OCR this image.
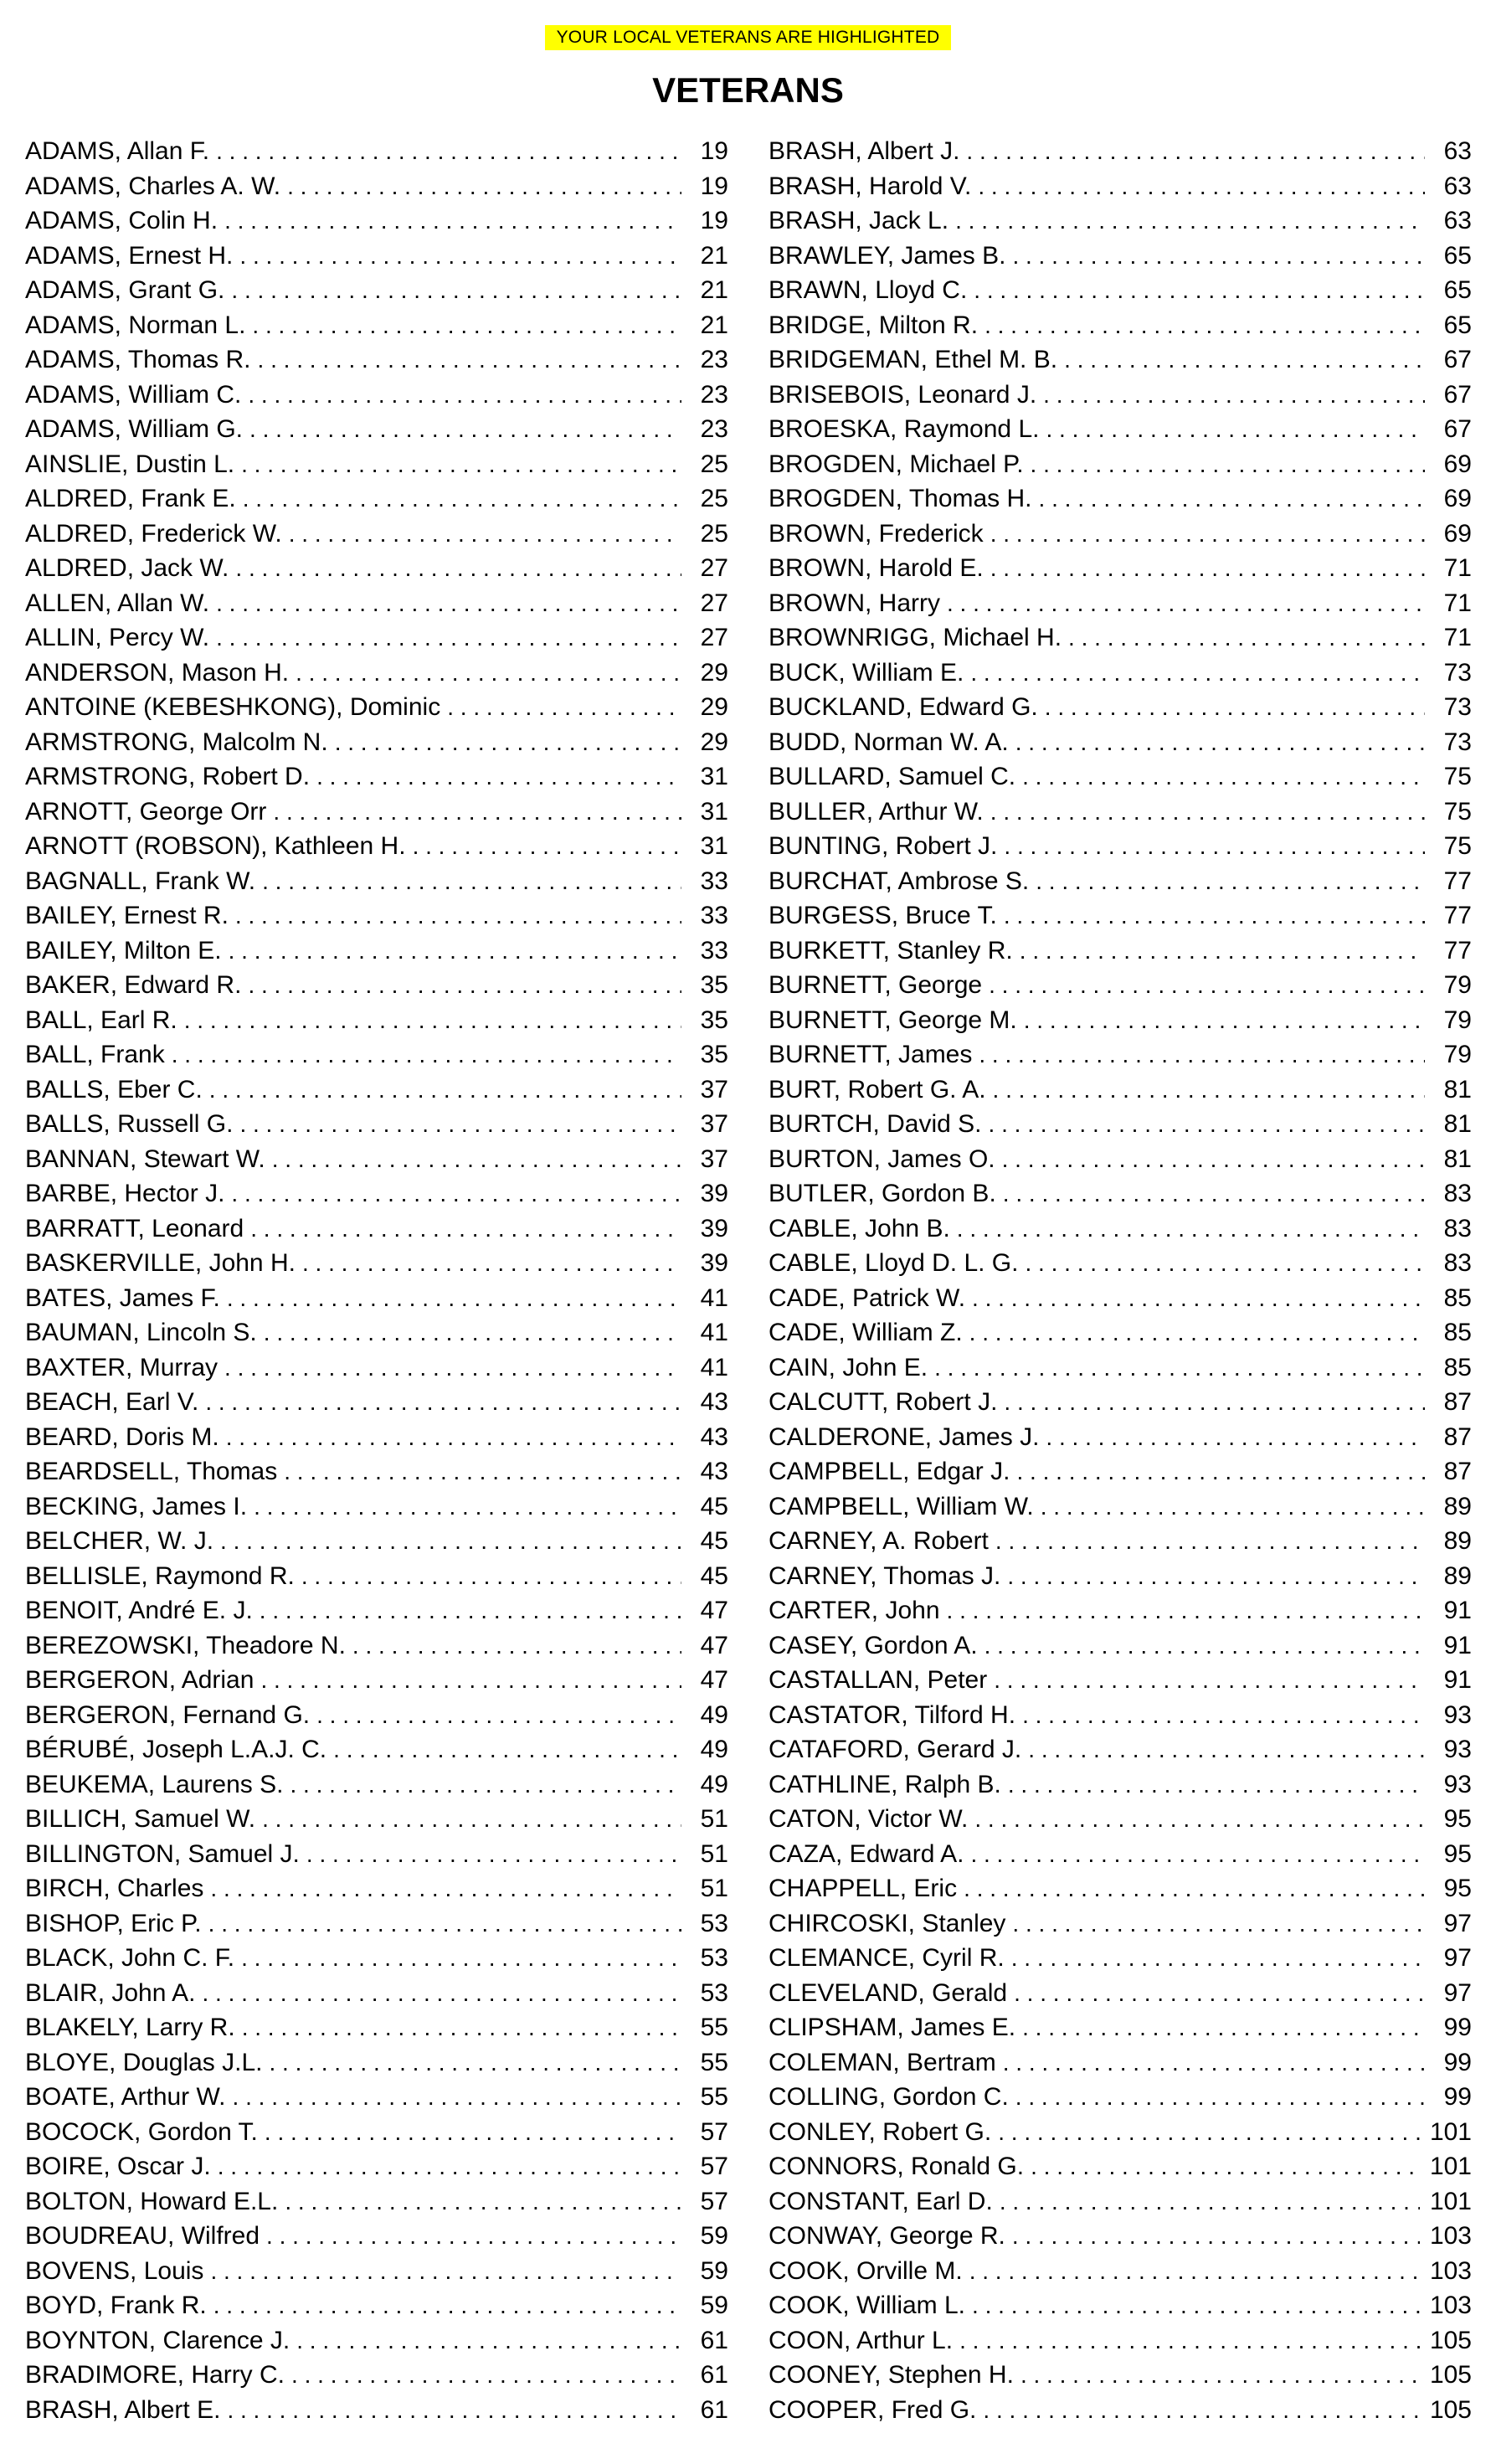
YOUR LOCAL VETERANS ARE HIGHLIGHTED
VETERANS
ADAMS, Allan F. . . .	19
ADAMS, Charles A. W. . . .	19
ADAMS, Colin H. . . .	19
ADAMS, Ernest H. . . .	21
ADAMS, Grant G. . . .	21
ADAMS, Norman L. . . .	21
ADAMS, Thomas R. . . .	23
ADAMS, William C. . . .	23
ADAMS, William G. . . .	23
AINSLIE, Dustin L. . . .	25
ALDRED, Frank E. . . .	25
ALDRED, Frederick W. . . .	25
ALDRED, Jack W. . . .	27
ALLEN, Allan W. . . .	27
ALLIN, Percy W. . . .	27
ANDERSON, Mason H. . . .	29
ANTOINE (KEBESHKONG), Dominic . . .	29
ARMSTRONG, Malcolm N. . . .	29
ARMSTRONG, Robert D. . . .	31
ARNOTT, George Orr . . .	31
ARNOTT (ROBSON), Kathleen H. . . .	31
BAGNALL, Frank W. . . .	33
BAILEY, Ernest R. . . .	33
BAILEY, Milton E. . . .	33
BAKER, Edward R. . . .	35
BALL, Earl R. . . .	35
BALL, Frank . . .	35
BALLS, Eber C. . . .	37
BALLS, Russell G. . . .	37
BANNAN, Stewart W. . . .	37
BARBE, Hector J. . . .	39
BARRATT, Leonard . . .	39
BASKERVILLE, John H. . . .	39
BATES, James F. . . .	41
BAUMAN, Lincoln S. . . .	41
BAXTER, Murray . . .	41
BEACH, Earl V. . . .	43
BEARD, Doris M. . . .	43
BEARDSELL, Thomas . . .	43
BECKING, James I. . . .	45
BELCHER, W. J. . . .	45
BELLISLE, Raymond R. . . .	45
BENOIT, André E. J. . . .	47
BEREZOWSKI, Theadore N. . . .	47
BERGERON, Adrian . . .	47
BERGERON, Fernand G. . . .	49
BÉRUBÉ, Joseph L.A.J. C. . . .	49
BEUKEMA, Laurens S. . . .	49
BILLICH, Samuel W. . . .	51
BILLINGTON, Samuel J. . . .	51
BIRCH, Charles . . .	51
BISHOP, Eric P. . . .	53
BLACK, John C. F. . . .	53
BLAIR, John A. . . .	53
BLAKELY, Larry R. . . .	55
BLOYE, Douglas J.L. . . .	55
BOATE, Arthur W. . . .	55
BOCOCK, Gordon T. . . .	57
BOIRE, Oscar J. . . .	57
BOLTON, Howard E.L. . . .	57
BOUDREAU, Wilfred . . .	59
BOVENS, Louis . . .	59
BOYD, Frank R. . . .	59
BOYNTON, Clarence J. . . .	61
BRADIMORE, Harry C. . . .	61
BRASH, Albert E. . . .	61
BRASH, Albert J. . . .	63
BRASH, Harold V. . . .	63
BRASH, Jack L. . . .	63
BRAWLEY, James B. . . .	65
BRAWN, Lloyd C. . . .	65
BRIDGE, Milton R. . . .	65
BRIDGEMAN, Ethel M. B. . . .	67
BRISEBOIS, Leonard J. . . .	67
BROESKA, Raymond L. . . .	67
BROGDEN, Michael P. . . .	69
BROGDEN, Thomas H. . . .	69
BROWN, Frederick . . .	69
BROWN, Harold E. . . .	71
BROWN, Harry . . .	71
BROWNRIGG, Michael H. . . .	71
BUCK, William E. . . .	73
BUCKLAND, Edward G. . . .	73
BUDD, Norman W. A. . . .	73
BULLARD, Samuel C. . . .	75
BULLER, Arthur W. . . .	75
BUNTING, Robert J. . . .	75
BURCHAT, Ambrose S. . . .	77
BURGESS, Bruce T. . . .	77
BURKETT, Stanley R. . . .	77
BURNETT, George . . .	79
BURNETT, George M. . . .	79
BURNETT, James . . .	79
BURT, Robert G. A. . . .	81
BURTCH, David S. . . .	81
BURTON, James O. . . .	81
BUTLER, Gordon B. . . .	83
CABLE, John B. . . .	83
CABLE, Lloyd D. L. G. . . .	83
CADE, Patrick W. . . .	85
CADE, William Z. . . .	85
CAIN, John E. . . .	85
CALCUTT, Robert J. . . .	87
CALDERONE, James J. . . .	87
CAMPBELL, Edgar J. . . .	87
CAMPBELL, William W. . . .	89
CARNEY, A. Robert . . .	89
CARNEY, Thomas J. . . .	89
CARTER, John . . .	91
CASEY, Gordon A. . . .	91
CASTALLAN, Peter . . .	91
CASTATOR, Tilford H. . . .	93
CATAFORD, Gerard J. . . .	93
CATHLINE, Ralph B. . . .	93
CATON, Victor W. . . .	95
CAZA, Edward A. . . .	95
CHAPPELL, Eric . . .	95
CHIRCOSKI, Stanley . . .	97
CLEMANCE, Cyril R. . . .	97
CLEVELAND, Gerald . . .	97
CLIPSHAM, James E. . . .	99
COLEMAN, Bertram . . .	99
COLLING, Gordon C. . . .	99
CONLEY, Robert G. . . .	101
CONNORS, Ronald G. . . .	101
CONSTANT, Earl D. . . .	101
CONWAY, George R. . . .	103
COOK, Orville M. . . .	103
COOK, William L. . . .	103
COON, Arthur L. . . .	105
COONEY, Stephen H. . . .	105
COOPER, Fred G. . . .	105
